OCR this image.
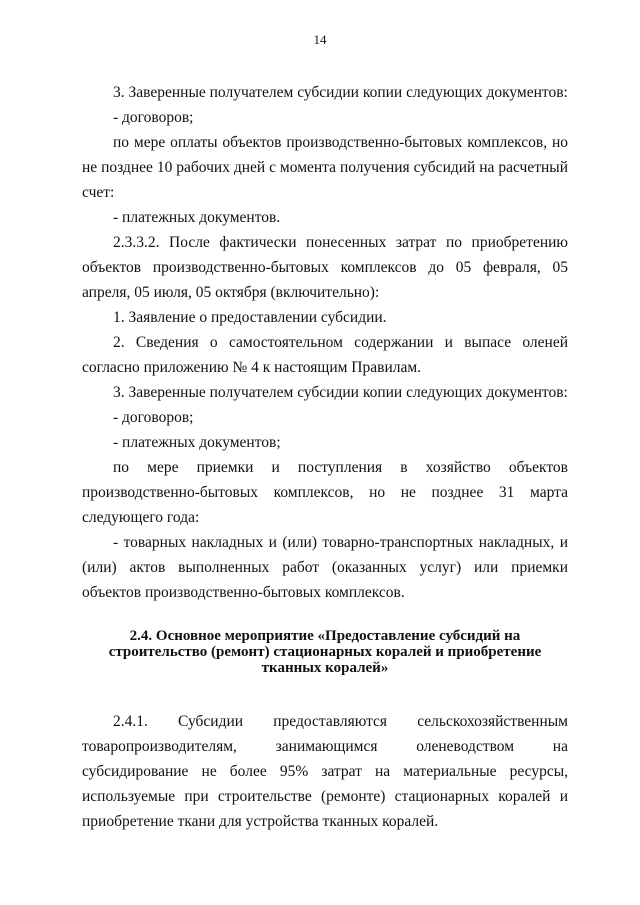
14

3. Заверенные получателем субсидии копии следующих документов:

- договоров;

по мере оплаты объектов производственно-бытовых комплексов, но не позднее 10 рабочих дней с момента получения субсидий на расчетный счет:

- платежных документов.

2.3.3.2. После фактически понесенных затрат по приобретению объектов производственно-бытовых комплексов до 05 февраля, 05 апреля, 05 июля, 05 октября (включительно):

1. Заявление о предоставлении субсидии.

2. Сведения о самостоятельном содержании и выпасе оленей согласно приложению № 4 к настоящим Правилам.

3. Заверенные получателем субсидии копии следующих документов:

- договоров;

- платежных документов;

по мере приемки и поступления в хозяйство объектов производственно-бытовых комплексов, но не позднее 31 марта следующего года:

- товарных накладных и (или) товарно-транспортных накладных, и (или) актов выполненных работ (оказанных услуг) или приемки объектов производственно-бытовых комплексов.

2.4. Основное мероприятие «Предоставление субсидий на
строительство (ремонт) стационарных коралей и приобретение
тканных коралей»

2.4.1. Субсидии предоставляются сельскохозяйственным товаропроизводителям, занимающимся оленеводством на субсидирование не более 95% затрат на материальные ресурсы, используемые при строительстве (ремонте) стационарных коралей и приобретение ткани для устройства тканных коралей.
